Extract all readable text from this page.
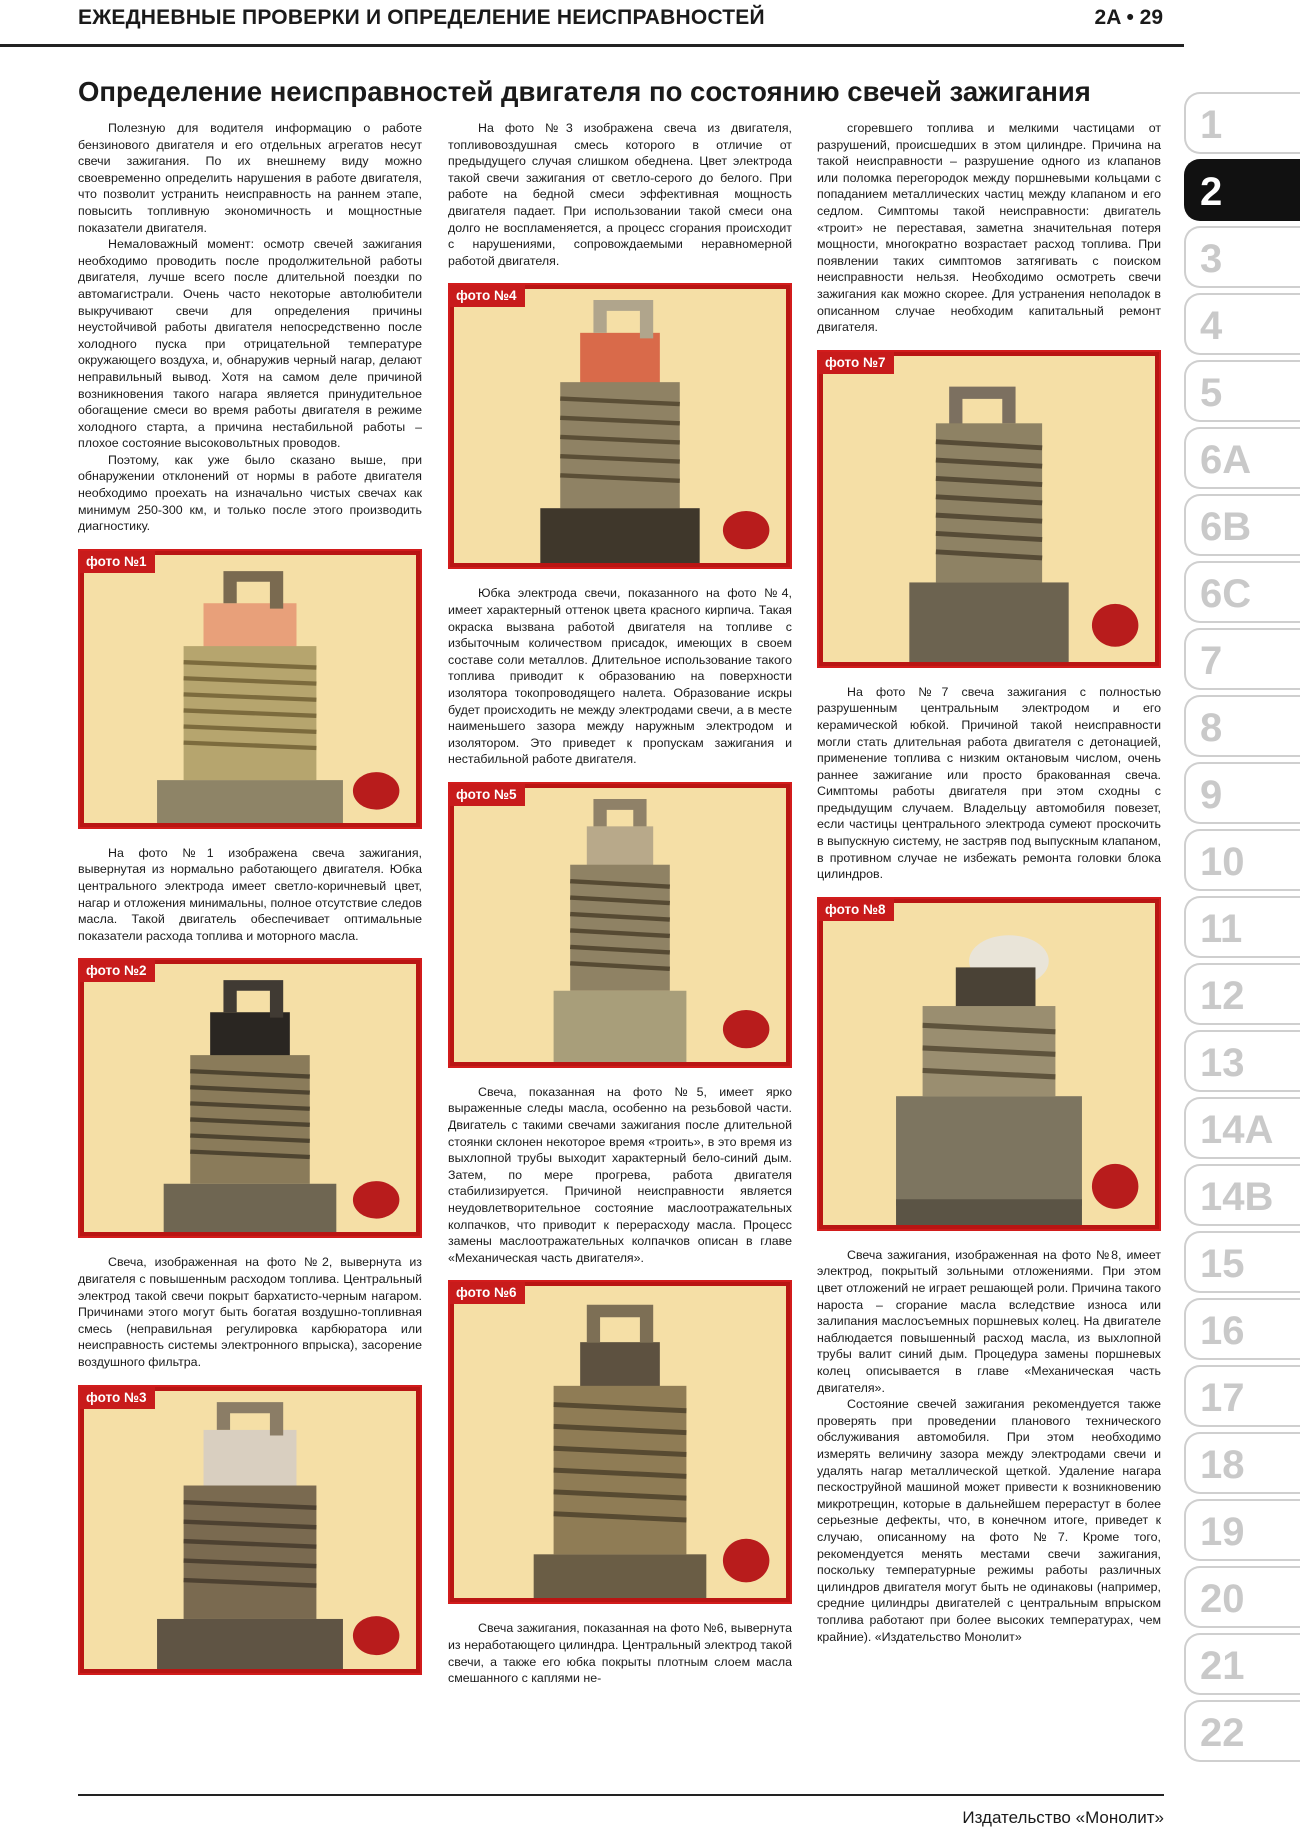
ЕЖЕДНЕВНЫЕ ПРОВЕРКИ И ОПРЕДЕЛЕНИЕ НЕИСПРАВНОСТЕЙ	2A • 29
Определение неисправностей двигателя по состоянию свечей зажигания

Полезную для водителя информацию о работе бензинового двигателя и его отдельных агрегатов несут свечи зажигания. По их внешнему виду можно своевременно определить нарушения в работе двигателя, что позволит устранить неисправность на раннем этапе, повысить топливную экономичность и мощностные показатели двигателя.

Немаловажный момент: осмотр свечей зажигания необходимо проводить после продолжительной работы двигателя, лучше всего после длительной поездки по автомагистрали. Очень часто некоторые автолюбители выкручивают свечи для определения причины неустойчивой работы двигателя непосредственно после холодного пуска при отрицательной температуре окружающего воздуха, и, обнаружив черный нагар, делают неправильный вывод. Хотя на самом деле причиной возникновения такого нагара является принудительное обогащение смеси во время работы двигателя в режиме холодного старта, а причина нестабильной работы – плохое состояние высоковольтных проводов.

Поэтому, как уже было сказано выше, при обнаружении отклонений от нормы в работе двигателя необходимо проехать на изначально чистых свечах как минимум 250-300 км, и только после этого производить диагностику.

фото №1

На фото №1 изображена свеча зажигания, вывернутая из нормально работающего двигателя. Юбка центрального электрода имеет светло-коричневый цвет, нагар и отложения минимальны, полное отсутствие следов масла. Такой двигатель обеспечивает оптимальные показатели расхода топлива и моторного масла.

фото №2

Свеча, изображенная на фото №2, вывернута из двигателя с повышенным расходом топлива. Центральный электрод такой свечи покрыт бархатисто-черным нагаром. Причинами этого могут быть богатая воздушно-топливная смесь (неправильная регулировка карбюратора или неисправность системы электронного впрыска), засорение воздушного фильтра.

фото №3

На фото №3 изображена свеча из двигателя, топливовоздушная смесь которого в отличие от предыдущего случая слишком обеднена. Цвет электрода такой свечи зажигания от светло-серого до белого. При работе на бедной смеси эффективная мощность двигателя падает. При использовании такой смеси она долго не воспламеняется, а процесс сгорания происходит с нарушениями, сопровождаемыми неравномерной работой двигателя.

фото №4

Юбка электрода свечи, показанного на фото №4, имеет характерный оттенок цвета красного кирпича. Такая окраска вызвана работой двигателя на топливе с избыточным количеством присадок, имеющих в своем составе соли металлов. Длительное использование такого топлива приводит к образованию на поверхности изолятора токопроводящего налета. Образование искры будет происходить не между электродами свечи, а в месте наименьшего зазора между наружным электродом и изолятором. Это приведет к пропускам зажигания и нестабильной работе двигателя.

фото №5

Свеча, показанная на фото №5, имеет ярко выраженные следы масла, особенно на резьбовой части. Двигатель с такими свечами зажигания после длительной стоянки склонен некоторое время «троить», в это время из выхлопной трубы выходит характерный бело-синий дым. Затем, по мере прогрева, работа двигателя стабилизируется. Причиной неисправности является неудовлетворительное состояние маслоотражательных колпачков, что приводит к перерасходу масла. Процесс замены маслоотражательных колпачков описан в главе «Механическая часть двигателя».

фото №6

Свеча зажигания, показанная на фото №6, вывернута из неработающего цилиндра. Центральный электрод такой свечи, а также его юбка покрыты плотным слоем масла смешанного с каплями не-

сгоревшего топлива и мелкими частицами от разрушений, происшедших в этом цилиндре. Причина на такой неисправности – разрушение одного из клапанов или поломка перегородок между поршневыми кольцами с попаданием металлических частиц между клапаном и его седлом. Симптомы такой неисправности: двигатель «троит» не переставая, заметна значительная потеря мощности, многократно возрастает расход топлива. При появлении таких симптомов затягивать с поиском неисправности нельзя. Необходимо осмотреть свечи зажигания как можно скорее. Для устранения неполадок в описанном случае необходим капитальный ремонт двигателя.

фото №7

На фото №7 свеча зажигания с полностью разрушенным центральным электродом и его керамической юбкой. Причиной такой неисправности могли стать длительная работа двигателя с детонацией, применение топлива с низким октановым числом, очень раннее зажигание или просто бракованная свеча. Симптомы работы двигателя при этом сходны с предыдущим случаем. Владельцу автомобиля повезет, если частицы центрального электрода сумеют проскочить в выпускную систему, не застряв под выпускным клапаном, в противном случае не избежать ремонта головки блока цилиндров.

фото №8

Свеча зажигания, изображенная на фото №8, имеет электрод, покрытый зольными отложениями. При этом цвет отложений не играет решающей роли. Причина такого нароста – сгорание масла вследствие износа или залипания маслосъемных поршневых колец. На двигателе наблюдается повышенный расход масла, из выхлопной трубы валит синий дым. Процедура замены поршневых колец описывается в главе «Механическая часть двигателя».

Состояние свечей зажигания рекомендуется также проверять при проведении планового технического обслуживания автомобиля. При этом необходимо измерять величину зазора между электродами свечи и удалять нагар металлической щеткой. Удаление нагара пескоструйной машиной может привести к возникновению микротрещин, которые в дальнейшем перерастут в более серьезные дефекты, что, в конечном итоге, приведет к случаю, описанному на фото №7. Кроме того, рекомендуется менять местами свечи зажигания, поскольку температурные режимы работы различных цилиндров двигателя могут быть не одинаковы (например, средние цилиндры двигателей с центральным впрыском топлива работают при более высоких температурах, чем крайние). «Издательство Монолит»

1
2
3
4
5
6A
6B
6C
7
8
9
10
11
12
13
14A
14B
15
16
17
18
19
20
21
22
Издательство «Монолит»
